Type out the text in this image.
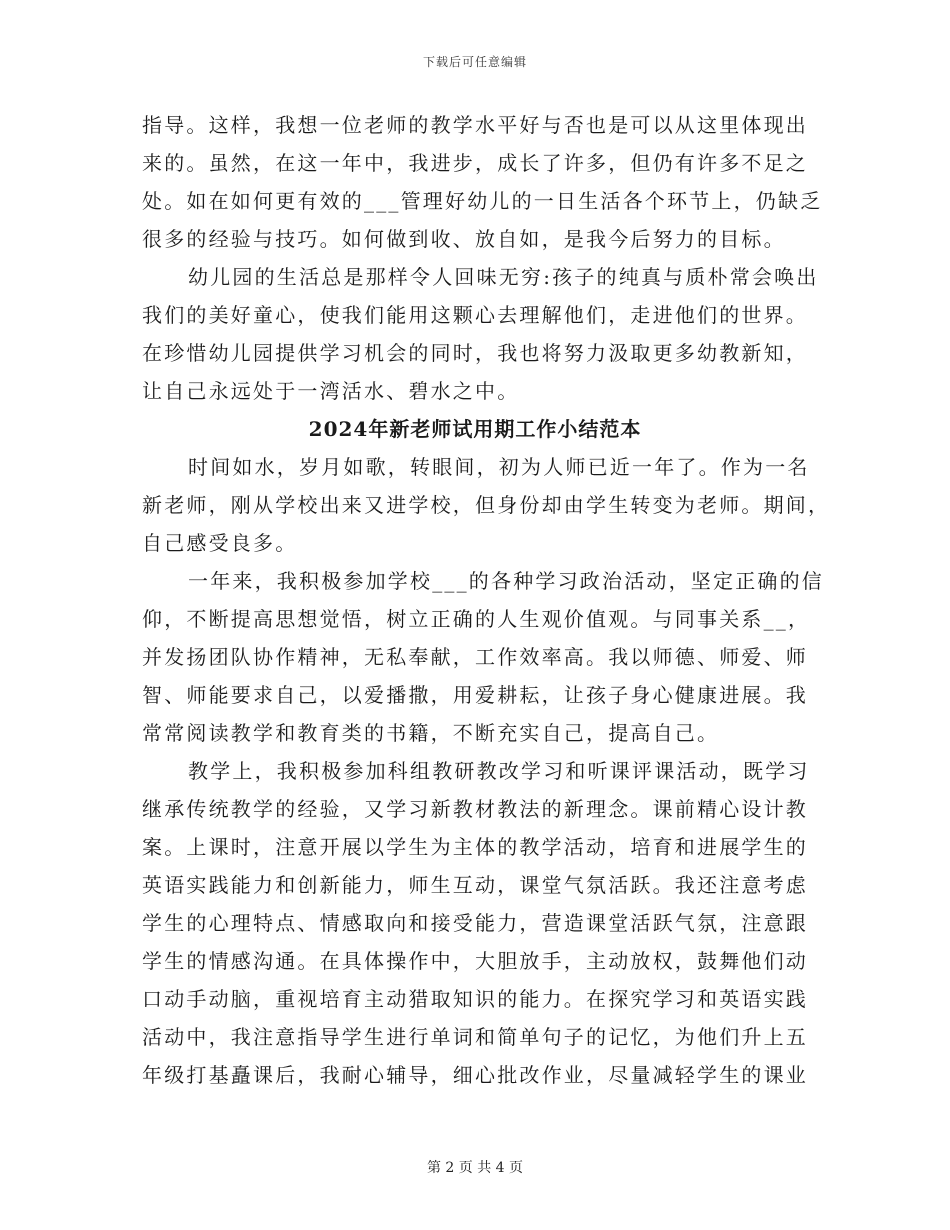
下载后可任意编辑
指导。这样，我想一位老师的教学水平好与否也是可以从这里体现出
来的。虽然，在这一年中，我进步，成长了许多，但仍有许多不足之
处。如在如何更有效的___管理好幼儿的一日生活各个环节上，仍缺乏
很多的经验与技巧。如何做到收、放自如，是我今后努力的目标。
幼儿园的生活总是那样令人回味无穷:孩子的纯真与质朴常会唤出
我们的美好童心，使我们能用这颗心去理解他们，走进他们的世界。
在珍惜幼儿园提供学习机会的同时，我也将努力汲取更多幼教新知，
让自己永远处于一湾活水、碧水之中。
2024年新老师试用期工作小结范本
时间如水，岁月如歌，转眼间，初为人师已近一年了。作为一名
新老师，刚从学校出来又进学校，但身份却由学生转变为老师。期间，
自己感受良多。
一年来，我积极参加学校___的各种学习政治活动，坚定正确的信
仰，不断提高思想觉悟，树立正确的人生观价值观。与同事关系__，
并发扬团队协作精神，无私奉献，工作效率高。我以师德、师爱、师
智、师能要求自己，以爱播撒，用爱耕耘，让孩子身心健康进展。我
常常阅读教学和教育类的书籍，不断充实自己，提高自己。
教学上，我积极参加科组教研教改学习和听课评课活动，既学习
继承传统教学的经验，又学习新教材教法的新理念。课前精心设计教
案。上课时，注意开展以学生为主体的教学活动，培育和进展学生的
英语实践能力和创新能力，师生互动，课堂气氛活跃。我还注意考虑
学生的心理特点、情感取向和接受能力，营造课堂活跃气氛，注意跟
学生的情感沟通。在具体操作中，大胆放手，主动放权，鼓舞他们动
口动手动脑，重视培育主动猎取知识的能力。在探究学习和英语实践
活动中，我注意指导学生进行单词和简单句子的记忆，为他们升上五
年级打基矗课后，我耐心辅导，细心批改作业，尽量减轻学生的课业
第 2 页 共 4 页
